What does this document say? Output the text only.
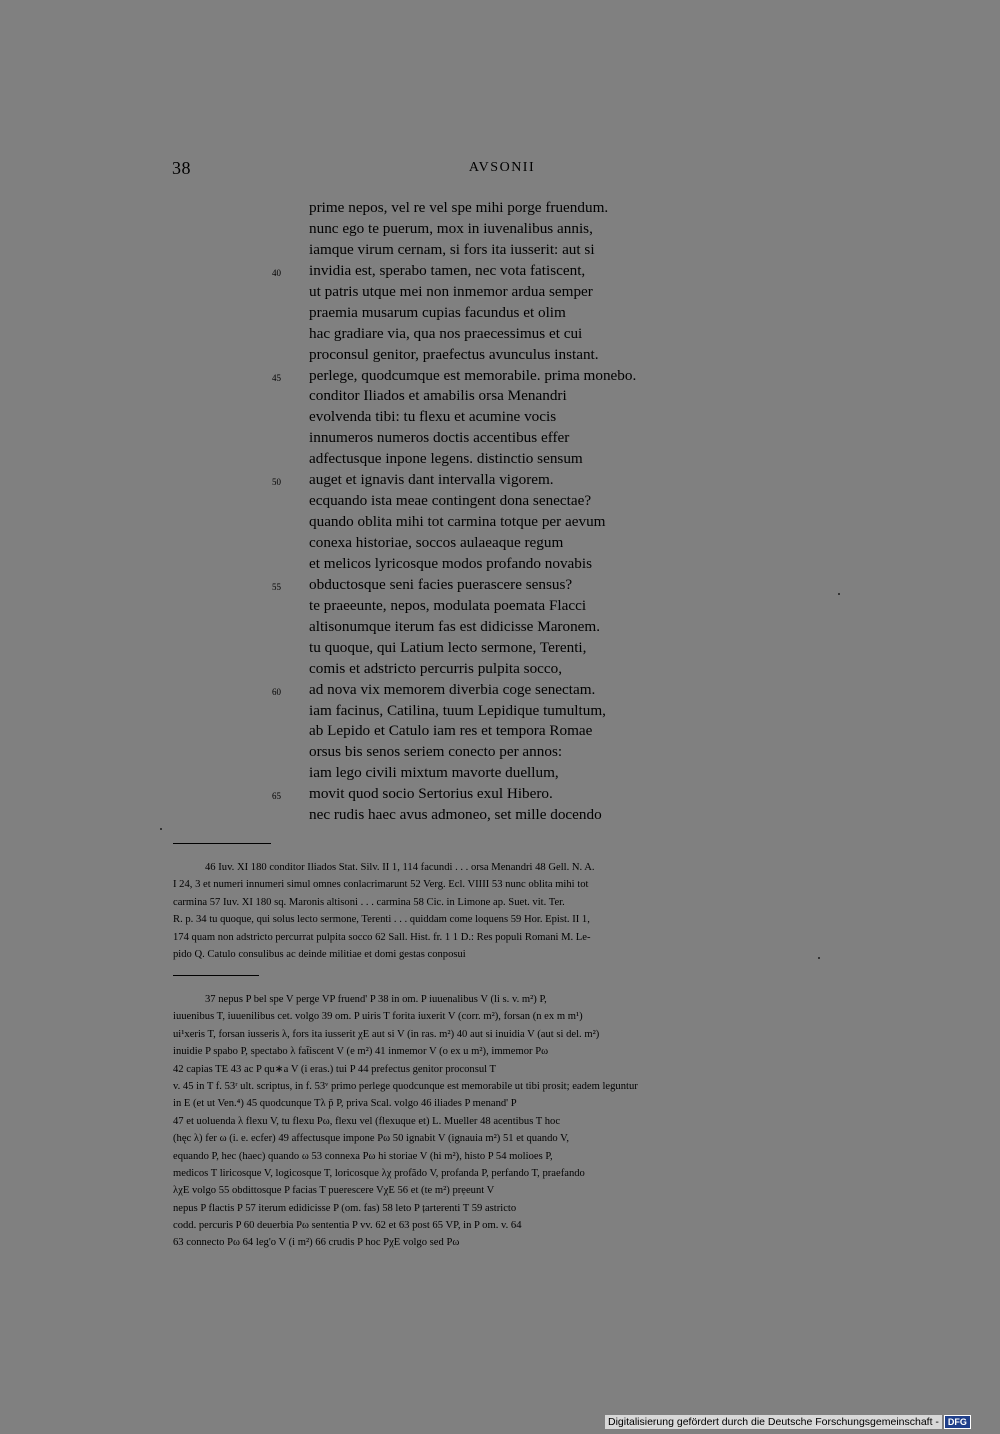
38	AVSONII
prime nepos, vel re vel spe mihi porge fruendum.
nunc ego te puerum, mox in iuvenalibus annis,
iamque virum cernam, si fors ita iusserit: aut si
40	invidia est, sperabo tamen, nec vota fatiscent,
ut patris utque mei non inmemor ardua semper
praemia musarum cupias facundus et olim
hac gradiare via, qua nos praecessimus et cui
proconsul genitor, praefectus avunculus instant.
45	perlege, quodcumque est memorabile. prima monebo.
conditor Iliados et amabilis orsa Menandri
evolvenda tibi: tu flexu et acumine vocis
innumeros numeros doctis accentibus effer
adfectusque inpone legens. distinctio sensum
50	auget et ignavis dant intervalla vigorem.
ecquando ista meae contingent dona senectae?
quando oblita mihi tot carmina totque per aevum
conexa historiae, soccos aulaeaque regum
et melicos lyricosque modos profando novabis
55	obductosque seni facies puerascere sensus?
te praeeunte, nepos, modulata poemata Flacci
altisonumque iterum fas est didicisse Maronem.
tu quoque, qui Latium lecto sermone, Terenti,
comis et adstricto percurris pulpita socco,
60	ad nova vix memorem diverbia coge senectam.
iam facinus, Catilina, tuum Lepidique tumultum,
ab Lepido et Catulo iam res et tempora Romae
orsus bis senos seriem conecto per annos:
iam lego civili mixtum mavorte duellum,
65	movit quod socio Sertorius exul Hibero.
nec rudis haec avus admoneo, set mille docendo
46 Iuv. XI 180 conditor Iliados Stat. Silv. II 1, 114 facundi . . . orsa Menandri 48 Gell. N. A.
I 24, 3 et numeri innumeri simul omnes conlacrimarunt 52 Verg. Ecl. VIIII 53 nunc oblita mihi tot
carmina 57 Iuv. XI 180 sq. Maronis altisoni . . . carmina 58 Cic. in Limone ap. Suet. vit. Ter.
R. p. 34 tu quoque, qui solus lecto sermone, Terenti . . . quiddam come loquens 59 Hor. Epist. II 1,
174 quam non adstricto percurrat pulpita socco 62 Sall. Hist. fr. 1 1 D.: Res populi Romani M. Le-
pido Q. Catulo consulibus ac deinde militiae et domi gestas conposui
37 nepus P bel spe V perge VP fruend' P 38 in om. P iuuenalibus V (li s. v. m²) P,
iuuenibus T, iuuenilibus cet. volgo 39 om. P uiris T forita iuxerit V (corr. m²), forsan (n ex m m¹)
ui¹xeris T, forsan iusseris λ, fors ita iusserit χE aut si V (in ras. m²) 40 aut si inuidia V (aut si del. m²)
inuidie P spabo P, spectabo λ fat̃iscent V (e m²) 41 inmemor V (o ex u m²), immemor Pω
42 capias TE 43 ac P qu∗a V (i eras.) tui P 44 prefectus genitor proconsul T
v. 45 in T f. 53ʳ ult. scriptus, in f. 53ᵛ primo perlege quodcunque est memorabile ut tibi prosit; eadem leguntur
in E (et ut Ven.⁴) 45 quodcunque Tλ p̃ P, priva Scal. volgo 46 iliades P menand' P
47 et uoluenda λ flexu V, tu flexu Pω, flexu vel (flexuque et) L. Mueller 48 acentibus T hoc
(hęc λ) fer ω (i. e. ecfer) 49 affectusque impone Pω 50 ignabit V (ignauia m²) 51 et quando V,
equando P, hec (haec) quando ω 53 connexa Pω hi storiae V (hi m²), histo P 54 molioes P,
medicos T liricosque V, logicosque T, loricosque λχ profãdo V, profanda P, perfando T, praefando
λχE volgo 55 obdittosque P facias T puerescere VχE 56 et (te m²) prẹeunt V
nepus P flactis P 57 iterum edidicisse P (om. fas) 58 leto P țarterenti T 59 astricto
codd. percuris P 60 deuerbia Pω sententia P vv. 62 et 63 post 65 VP, in P om. v. 64
63 connecto Pω 64 leg'o V (i m²) 66 crudis P hoc PχE volgo sed Pω
Digitalisierung gefördert durch die Deutsche Forschungsgemeinschaft -	DFG
